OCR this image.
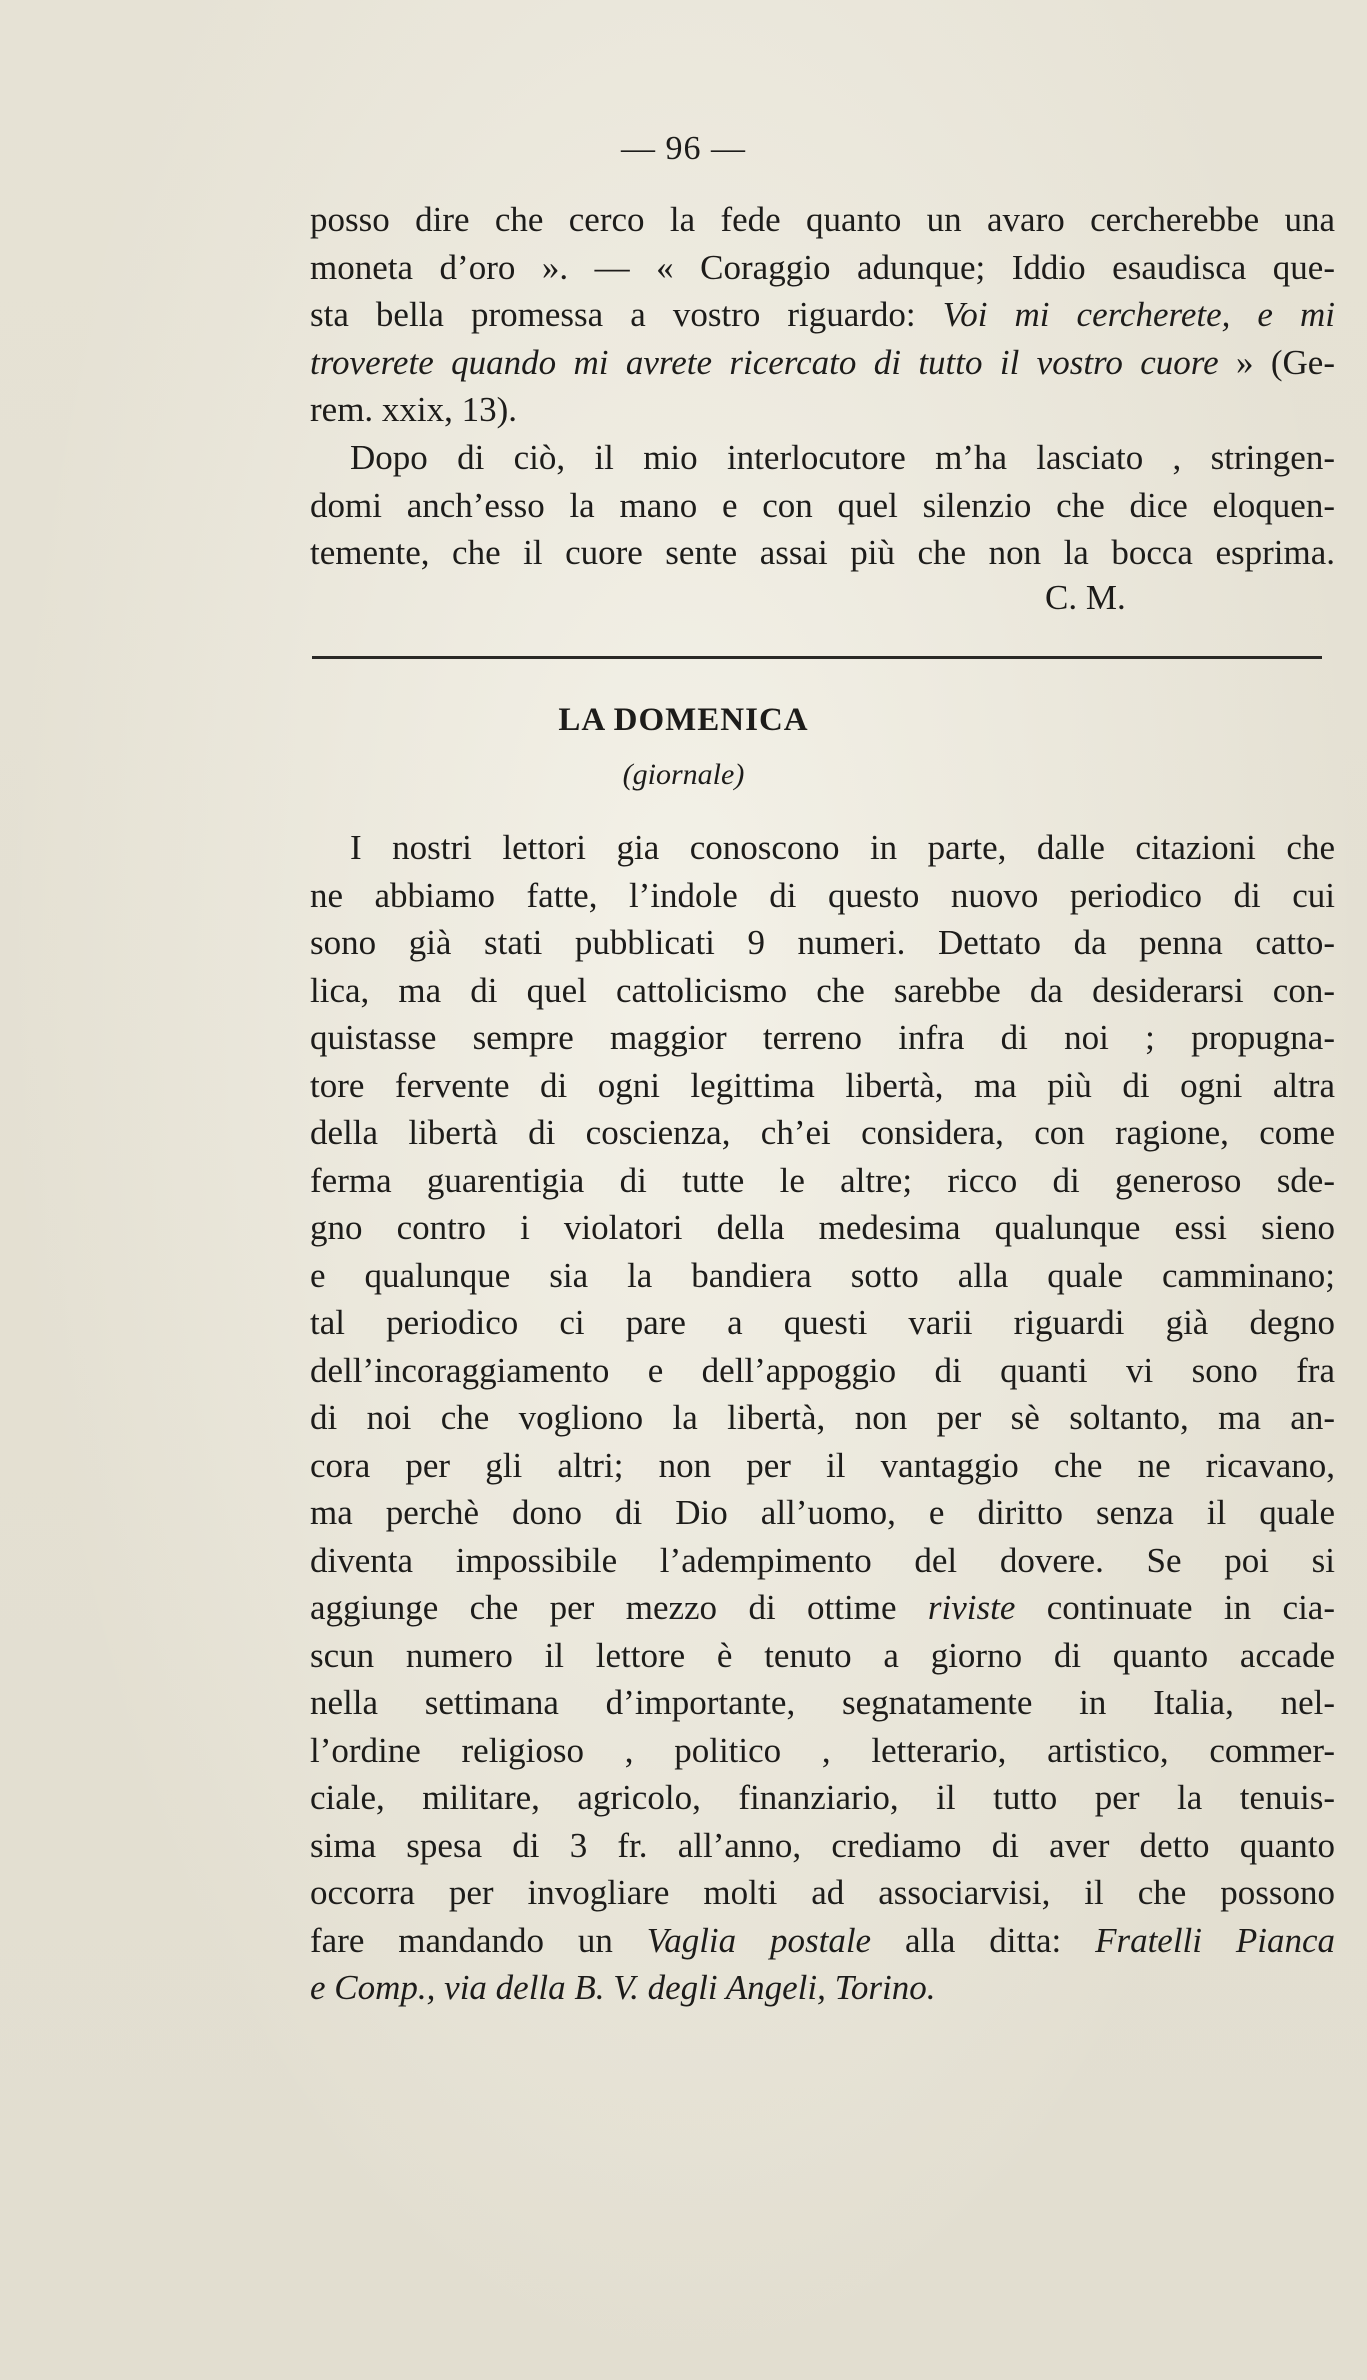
— 96 —
posso dire che cerco la fede quanto un avaro cercherebbe una
moneta d’oro ». — « Coraggio adunque; Iddio esaudisca que-
sta bella promessa a vostro riguardo: Voi mi cercherete, e mi
troverete quando mi avrete ricercato di tutto il vostro cuore » (Ge-
rem. xxix, 13).
Dopo di ciò, il mio interlocutore m’ha lasciato , stringen-
domi anch’esso la mano e con quel silenzio che dice eloquen-
temente, che il cuore sente assai più che non la bocca esprima.
C. M.
LA DOMENICA
(giornale)
I nostri lettori gia conoscono in parte, dalle citazioni che
ne abbiamo fatte, l’indole di questo nuovo periodico di cui
sono già stati pubblicati 9 numeri. Dettato da penna catto-
lica, ma di quel cattolicismo che sarebbe da desiderarsi con-
quistasse sempre maggior terreno infra di noi ; propugna-
tore fervente di ogni legittima libertà, ma più di ogni altra
della libertà di coscienza, ch’ei considera, con ragione, come
ferma guarentigia di tutte le altre; ricco di generoso sde-
gno contro i violatori della medesima qualunque essi sieno
e qualunque sia la bandiera sotto alla quale camminano;
tal periodico ci pare a questi varii riguardi già degno
dell’incoraggiamento e dell’appoggio di quanti vi sono fra
di noi che vogliono la libertà, non per sè soltanto, ma an-
cora per gli altri; non per il vantaggio che ne ricavano,
ma perchè dono di Dio all’uomo, e diritto senza il quale
diventa impossibile l’adempimento del dovere. Se poi si
aggiunge che per mezzo di ottime riviste continuate in cia-
scun numero il lettore è tenuto a giorno di quanto accade
nella settimana d’importante, segnatamente in Italia, nel-
l’ordine religioso , politico , letterario, artistico, commer-
ciale, militare, agricolo, finanziario, il tutto per la tenuis-
sima spesa di 3 fr. all’anno, crediamo di aver detto quanto
occorra per invogliare molti ad associarvisi, il che possono
fare mandando un Vaglia postale alla ditta: Fratelli Pianca
e Comp., via della B. V. degli Angeli, Torino.
